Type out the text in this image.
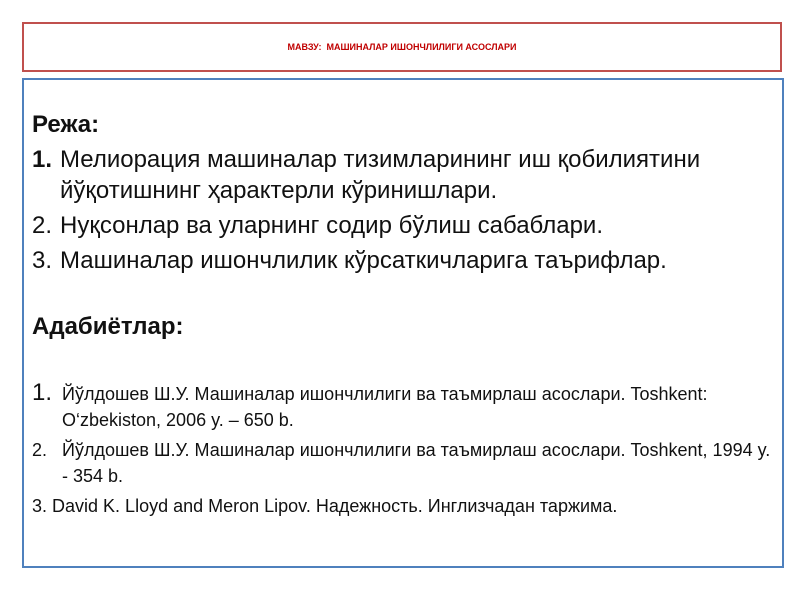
МАВЗУ:  МАШИНАЛАР ИШОНЧЛИЛИГИ АСОСЛАРИ

Режа:

1. Мелиорация машиналар тизимларининг иш қобилиятини йўқотишнинг ҳарактерли кўринишлари.

2. Нуқсонлар ва уларнинг содир бўлиш сабаблари.

3. Машиналар ишончлилик кўрсаткичларига таърифлар.

Адабиётлар:

1. Йўлдошев Ш.У. Машиналар ишончлилиги ва таъмирлаш асослари. Toshkent: O‘zbekiston, 2006 y. – 650 b.

2. Йўлдошев Ш.У. Машиналар ишончлилиги ва таъмирлаш асослари. Toshkent, 1994 y. - 354 b.

3. David K. Lloyd and Meron Lipov. Надежность. Инглизчадан таржима.
